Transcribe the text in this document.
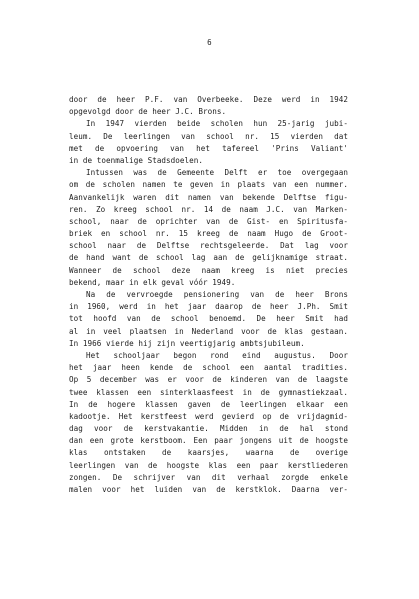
6
door de heer P.F. van Overbeeke. Deze werd in 1942
opgevolgd door de heer J.C. Brons.
In 1947 vierden beide scholen hun 25-jarig jubi-
leum. De leerlingen van school nr. 15 vierden dat
met de opvoering van het tafereel 'Prins Valiant'
in de toenmalige Stadsdoelen.
Intussen was de Gemeente Delft er toe overgegaan
om de scholen namen te geven in plaats van een nummer.
Aanvankelijk waren dit namen van bekende Delftse figu-
ren. Zo kreeg school nr. 14 de naam J.C. van Marken-
school, naar de oprichter van de Gist- en Spiritusfa-
briek en school nr. 15 kreeg de naam Hugo de Groot-
school naar de Delftse rechtsgeleerde. Dat lag voor
de hand want de school lag aan de gelijknamige straat.
Wanneer de school deze naam kreeg is niet precies
bekend, maar in elk geval vóór 1949.
Na de vervroegde pensionering van de heer Brons
in 1960, werd in het jaar daarop de heer J.Ph. Smit
tot hoofd van de school benoemd. De heer Smit had
al in veel plaatsen in Nederland voor de klas gestaan.
In 1966 vierde hij zijn veertigjarig ambtsjubileum.
Het schooljaar begon rond eind augustus. Door
het jaar heen kende de school een aantal tradities.
Op 5 december was er voor de kinderen van de laagste
twee klassen een sinterklaasfeest in de gymnastiekzaal.
In de hogere klassen gaven de leerlingen elkaar een
kadootje. Het kerstfeest werd gevierd op de vrijdagmid-
dag voor de kerstvakantie. Midden in de hal stond
dan een grote kerstboom. Een paar jongens uit de hoogste
klas ontstaken de kaarsjes, waarna de overige
leerlingen van de hoogste klas een paar kerstliederen
zongen. De schrijver van dit verhaal zorgde enkele
malen voor het luiden van de kerstklok. Daarna ver-
